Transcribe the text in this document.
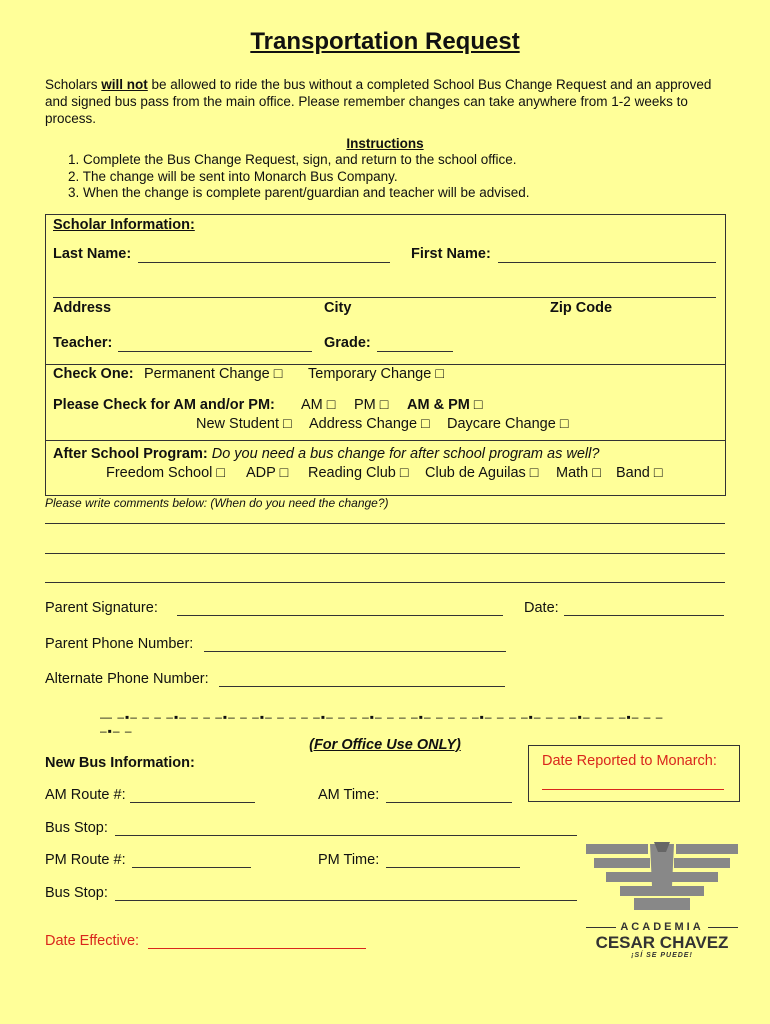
Transportation Request
Scholars will not be allowed to ride the bus without a completed School Bus Change Request and an approved and signed bus pass from the main office. Please remember changes can take anywhere from 1-2 weeks to process.
Instructions
1. Complete the Bus Change Request, sign, and return to the school office.
2. The change will be sent into Monarch Bus Company.
3. When the change is complete parent/guardian and teacher will be advised.
Scholar Information:
Last Name:	First Name:
Address	City	Zip Code
Teacher:	Grade:
Check One: Permanent Change □ Temporary Change □
Please Check for AM and/or PM: AM □ PM □ AM & PM □
New Student □ Address Change □ Daycare Change □
After School Program: Do you need a bus change for after school program as well?
Freedom School □ ADP □ Reading Club □ Club de Aguilas □ Math □ Band □
Please write comments below: (When do you need the change?)
Parent Signature:	Date:
Parent Phone Number:
Alternate Phone Number:
— –▪– – – –▪– – – –▪– – –▪– – – – –▪– – – –▪– – – –▪– – – – –▪– – – –▪– – – –▪– – – –▪– – – –▪– –
(For Office Use ONLY)
New Bus Information:	Date Reported to Monarch:
AM Route #:	AM Time:
Bus Stop:
PM Route #:	PM Time:
Bus Stop:
Date Effective:
ACADEMIA
CESAR CHAVEZ
¡SÍ SE PUEDE!
